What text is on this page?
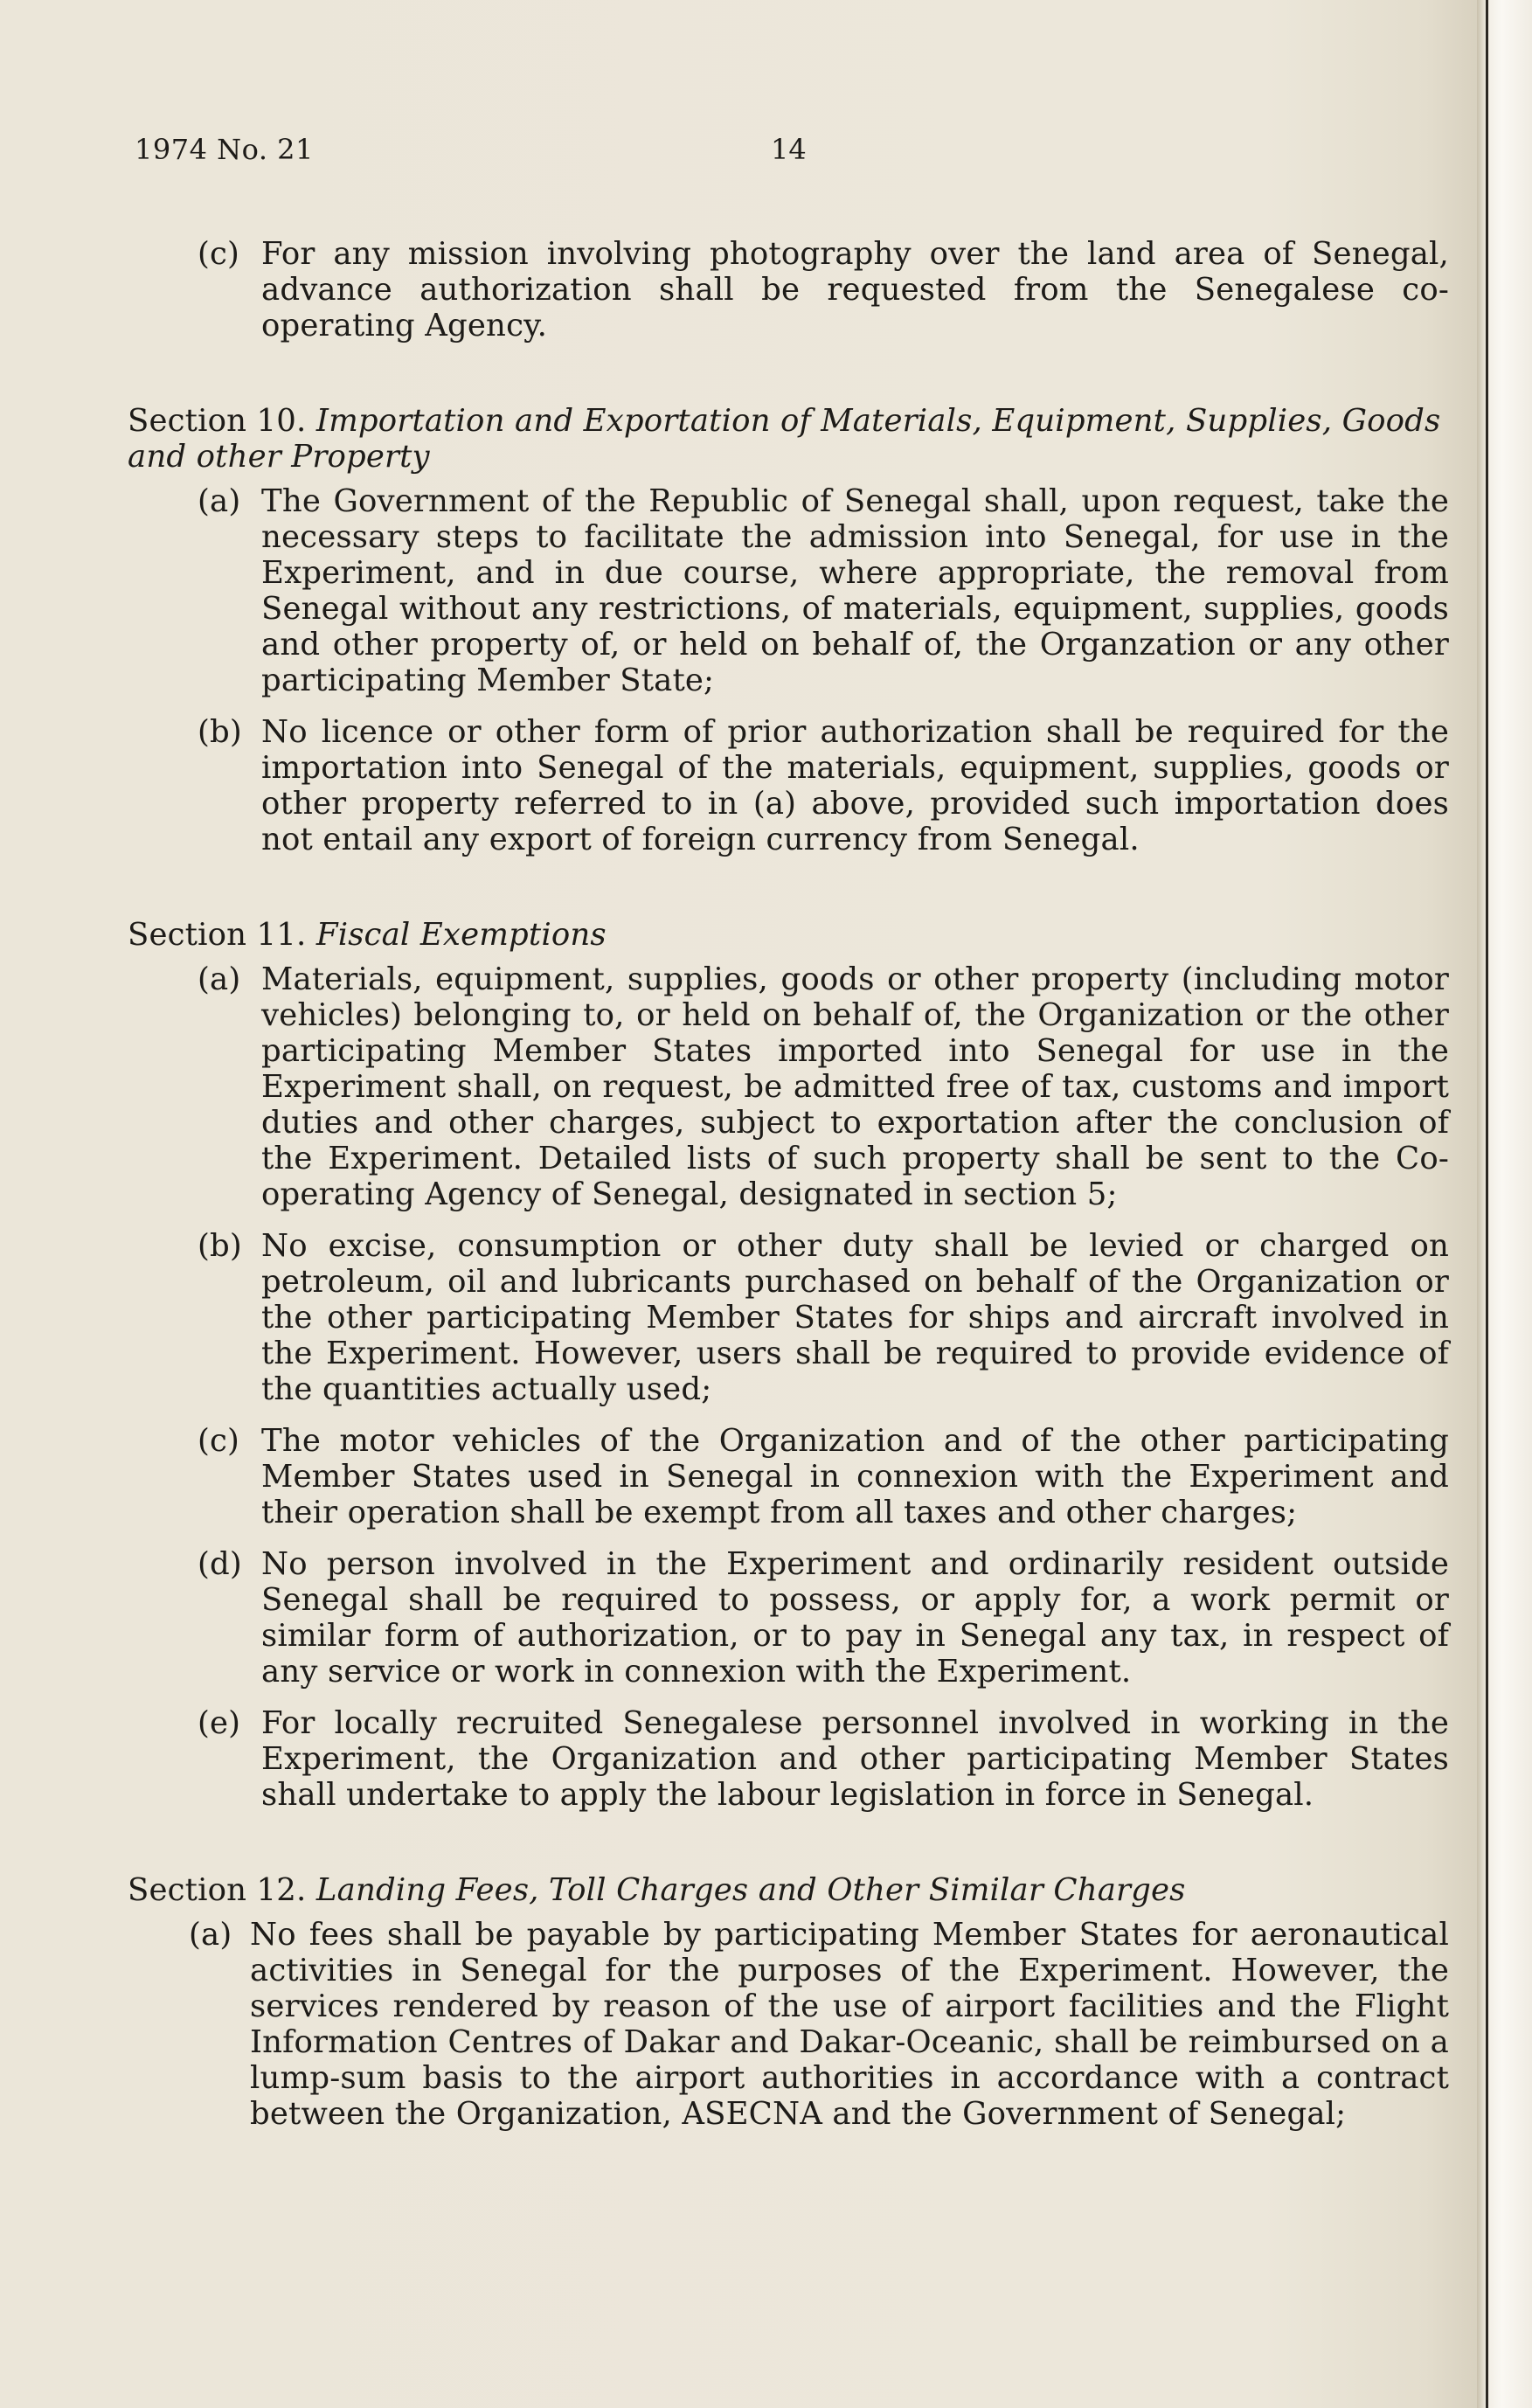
1974 No. 21	14
(c) For any mission involving photography over the land area of Senegal, advance authorization shall be requested from the Senegalese co-operating Agency.
Section 10. Importation and Exportation of Materials, Equipment, Supplies, Goods and other Property
(a) The Government of the Republic of Senegal shall, upon request, take the necessary steps to facilitate the admission into Senegal, for use in the Experiment, and in due course, where appropriate, the removal from Senegal without any restrictions, of materials, equipment, supplies, goods and other property of, or held on behalf of, the Organzation or any other participating Member State;
(b) No licence or other form of prior authorization shall be required for the importation into Senegal of the materials, equipment, supplies, goods or other property referred to in (a) above, provided such importation does not entail any export of foreign currency from Senegal.
Section 11. Fiscal Exemptions
(a) Materials, equipment, supplies, goods or other property (including motor vehicles) belonging to, or held on behalf of, the Organization or the other participating Member States imported into Senegal for use in the Experiment shall, on request, be admitted free of tax, customs and import duties and other charges, subject to exportation after the conclusion of the Experiment. Detailed lists of such property shall be sent to the Co-operating Agency of Senegal, designated in section 5;
(b) No excise, consumption or other duty shall be levied or charged on petroleum, oil and lubricants purchased on behalf of the Organization or the other participating Member States for ships and aircraft involved in the Experiment. However, users shall be required to provide evidence of the quantities actually used;
(c) The motor vehicles of the Organization and of the other participating Member States used in Senegal in connexion with the Experiment and their operation shall be exempt from all taxes and other charges;
(d) No person involved in the Experiment and ordinarily resident outside Senegal shall be required to possess, or apply for, a work permit or similar form of authorization, or to pay in Senegal any tax, in respect of any service or work in connexion with the Experiment.
(e) For locally recruited Senegalese personnel involved in working in the Experiment, the Organization and other participating Member States shall undertake to apply the labour legislation in force in Senegal.
Section 12. Landing Fees, Toll Charges and Other Similar Charges
(a) No fees shall be payable by participating Member States for aeronautical activities in Senegal for the purposes of the Experiment. However, the services rendered by reason of the use of airport facilities and the Flight Information Centres of Dakar and Dakar-Oceanic, shall be reimbursed on a lump-sum basis to the airport authorities in accordance with a contract between the Organization, ASECNA and the Government of Senegal;
